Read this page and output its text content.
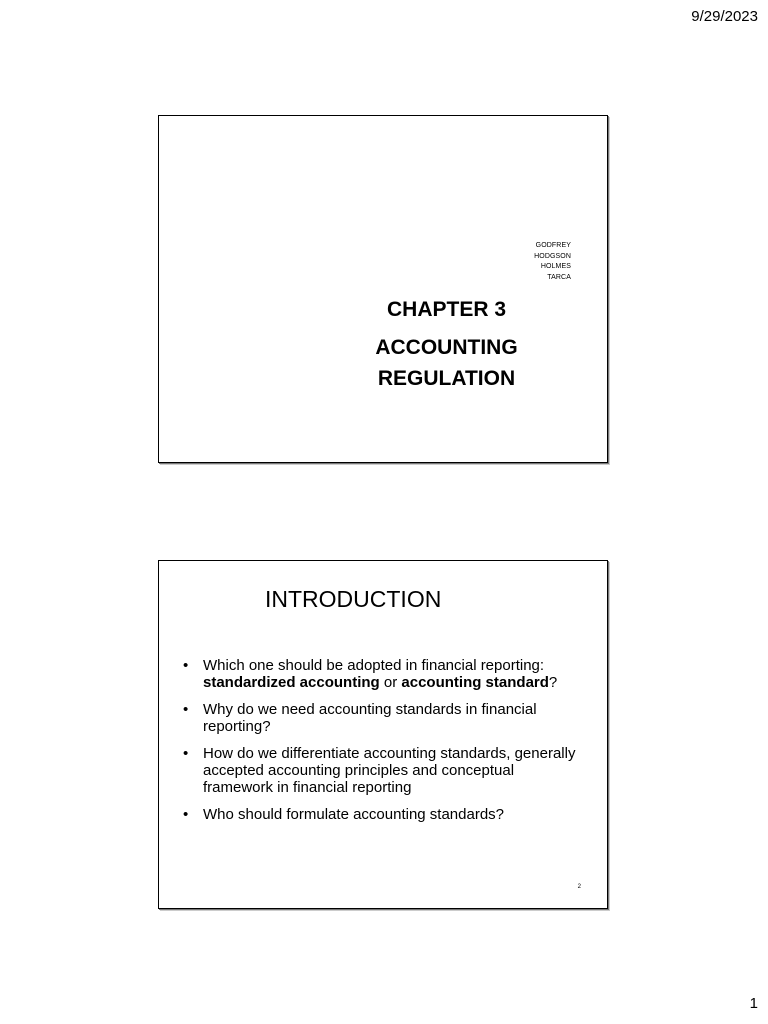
9/29/2023
GODFREY
HODGSON
HOLMES
TARCA
CHAPTER 3
ACCOUNTING
REGULATION
INTRODUCTION
• Which one should be adopted in financial reporting:
standardized accounting or accounting standard?
• Why do we need accounting standards in financial reporting?
• How do we differentiate accounting standards, generally accepted accounting principles and conceptual framework in financial reporting
• Who should formulate accounting standards?
2
1
